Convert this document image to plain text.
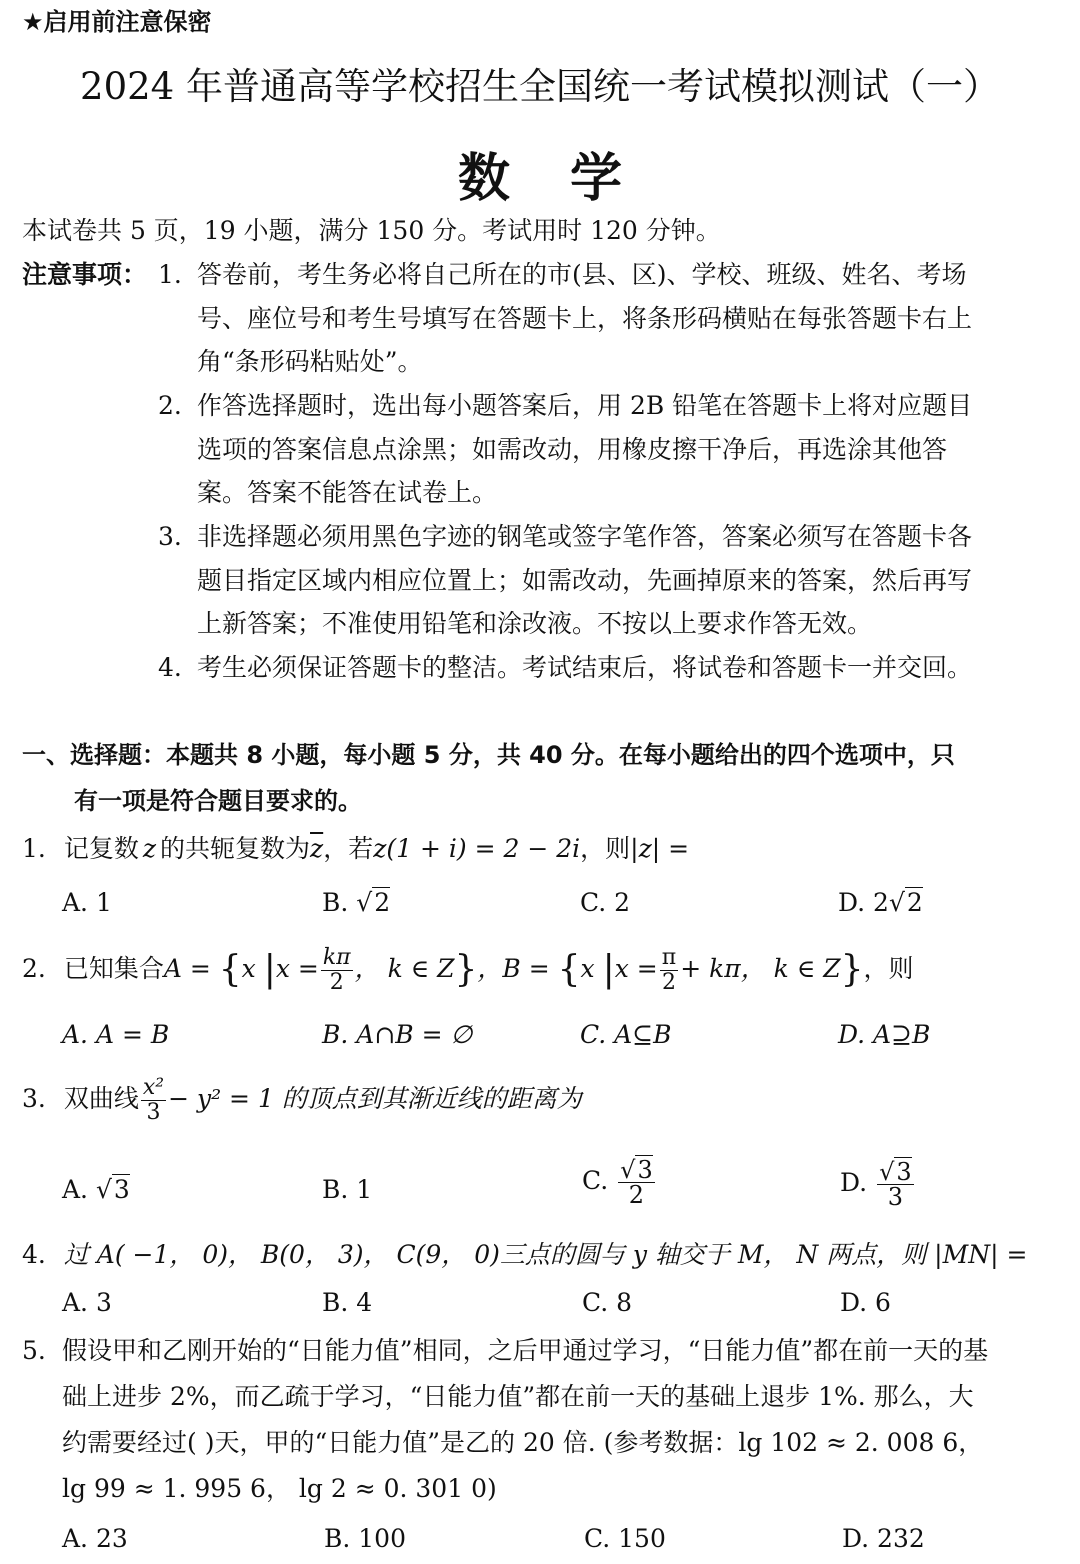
★启用前注意保密
2024 年普通高等学校招生全国统一考试模拟测试（一）
数学
本试卷共 5 页，19 小题，满分 150 分。考试用时 120 分钟。
注意事项： 1. 答卷前，考生务必将自己所在的市(县、区)、学校、班级、姓名、考场
号、座位号和考生号填写在答题卡上，将条形码横贴在每张答题卡右上
角“条形码粘贴处”。
2. 作答选择题时，选出每小题答案后，用 2B 铅笔在答题卡上将对应题目
选项的答案信息点涂黑；如需改动，用橡皮擦干净后，再选涂其他答
案。答案不能答在试卷上。
3. 非选择题必须用黑色字迹的钢笔或签字笔作答，答案必须写在答题卡各
题目指定区域内相应位置上；如需改动，先画掉原来的答案，然后再写
上新答案；不准使用铅笔和涂改液。不按以上要求作答无效。
4. 考生必须保证答题卡的整洁。考试结束后，将试卷和答题卡一并交回。
一、选择题：本题共 8 小题，每小题 5 分，共 40 分。在每小题给出的四个选项中，只
有一项是符合题目要求的。
1. 记复数 z 的共轭复数为$\overline{z}$，若z(1 + i) = 2 − 2i，则|z| =
A. 1	B. √2	C. 2	D. 2√2
2. 已知集合A = {x $|x = \frac{k\pi}{2}$ ， k ∈ Z}，B = {x $|x = \frac{\pi}{2} + k\pi$， k ∈ Z}，则
A. A = B	B. A∩B = ∅	C. A⊆B	D. A⊇B
3. 双曲线 $\frac{\text{x²}}{3} - y^2 = 1$ 的顶点到其渐近线的距离为
A. √3	B. 1	C. $\frac{√3}{2}$	D. $\frac{√3}{3}$
4. 过 A( −1， 0)， B(0， 3)， C(9， 0)三点的圆与 y 轴交于 M， N 两点，则 |MN| =
A. 3	B. 4	C. 8	D. 6
5. 假设甲和乙刚开始的“日能力值”相同，之后甲通过学习，“日能力值”都在前一天的基
础上进步 2%，而乙疏于学习，“日能力值”都在前一天的基础上退步 1%. 那么，大
约需要经过( )天，甲的“日能力值”是乙的 20 倍. (参考数据：lg 102 ≈ 2. 008 6，
lg 99 ≈ 1. 995 6， lg 2 ≈ 0. 301 0)
A. 23	B. 100	C. 150	D. 232
